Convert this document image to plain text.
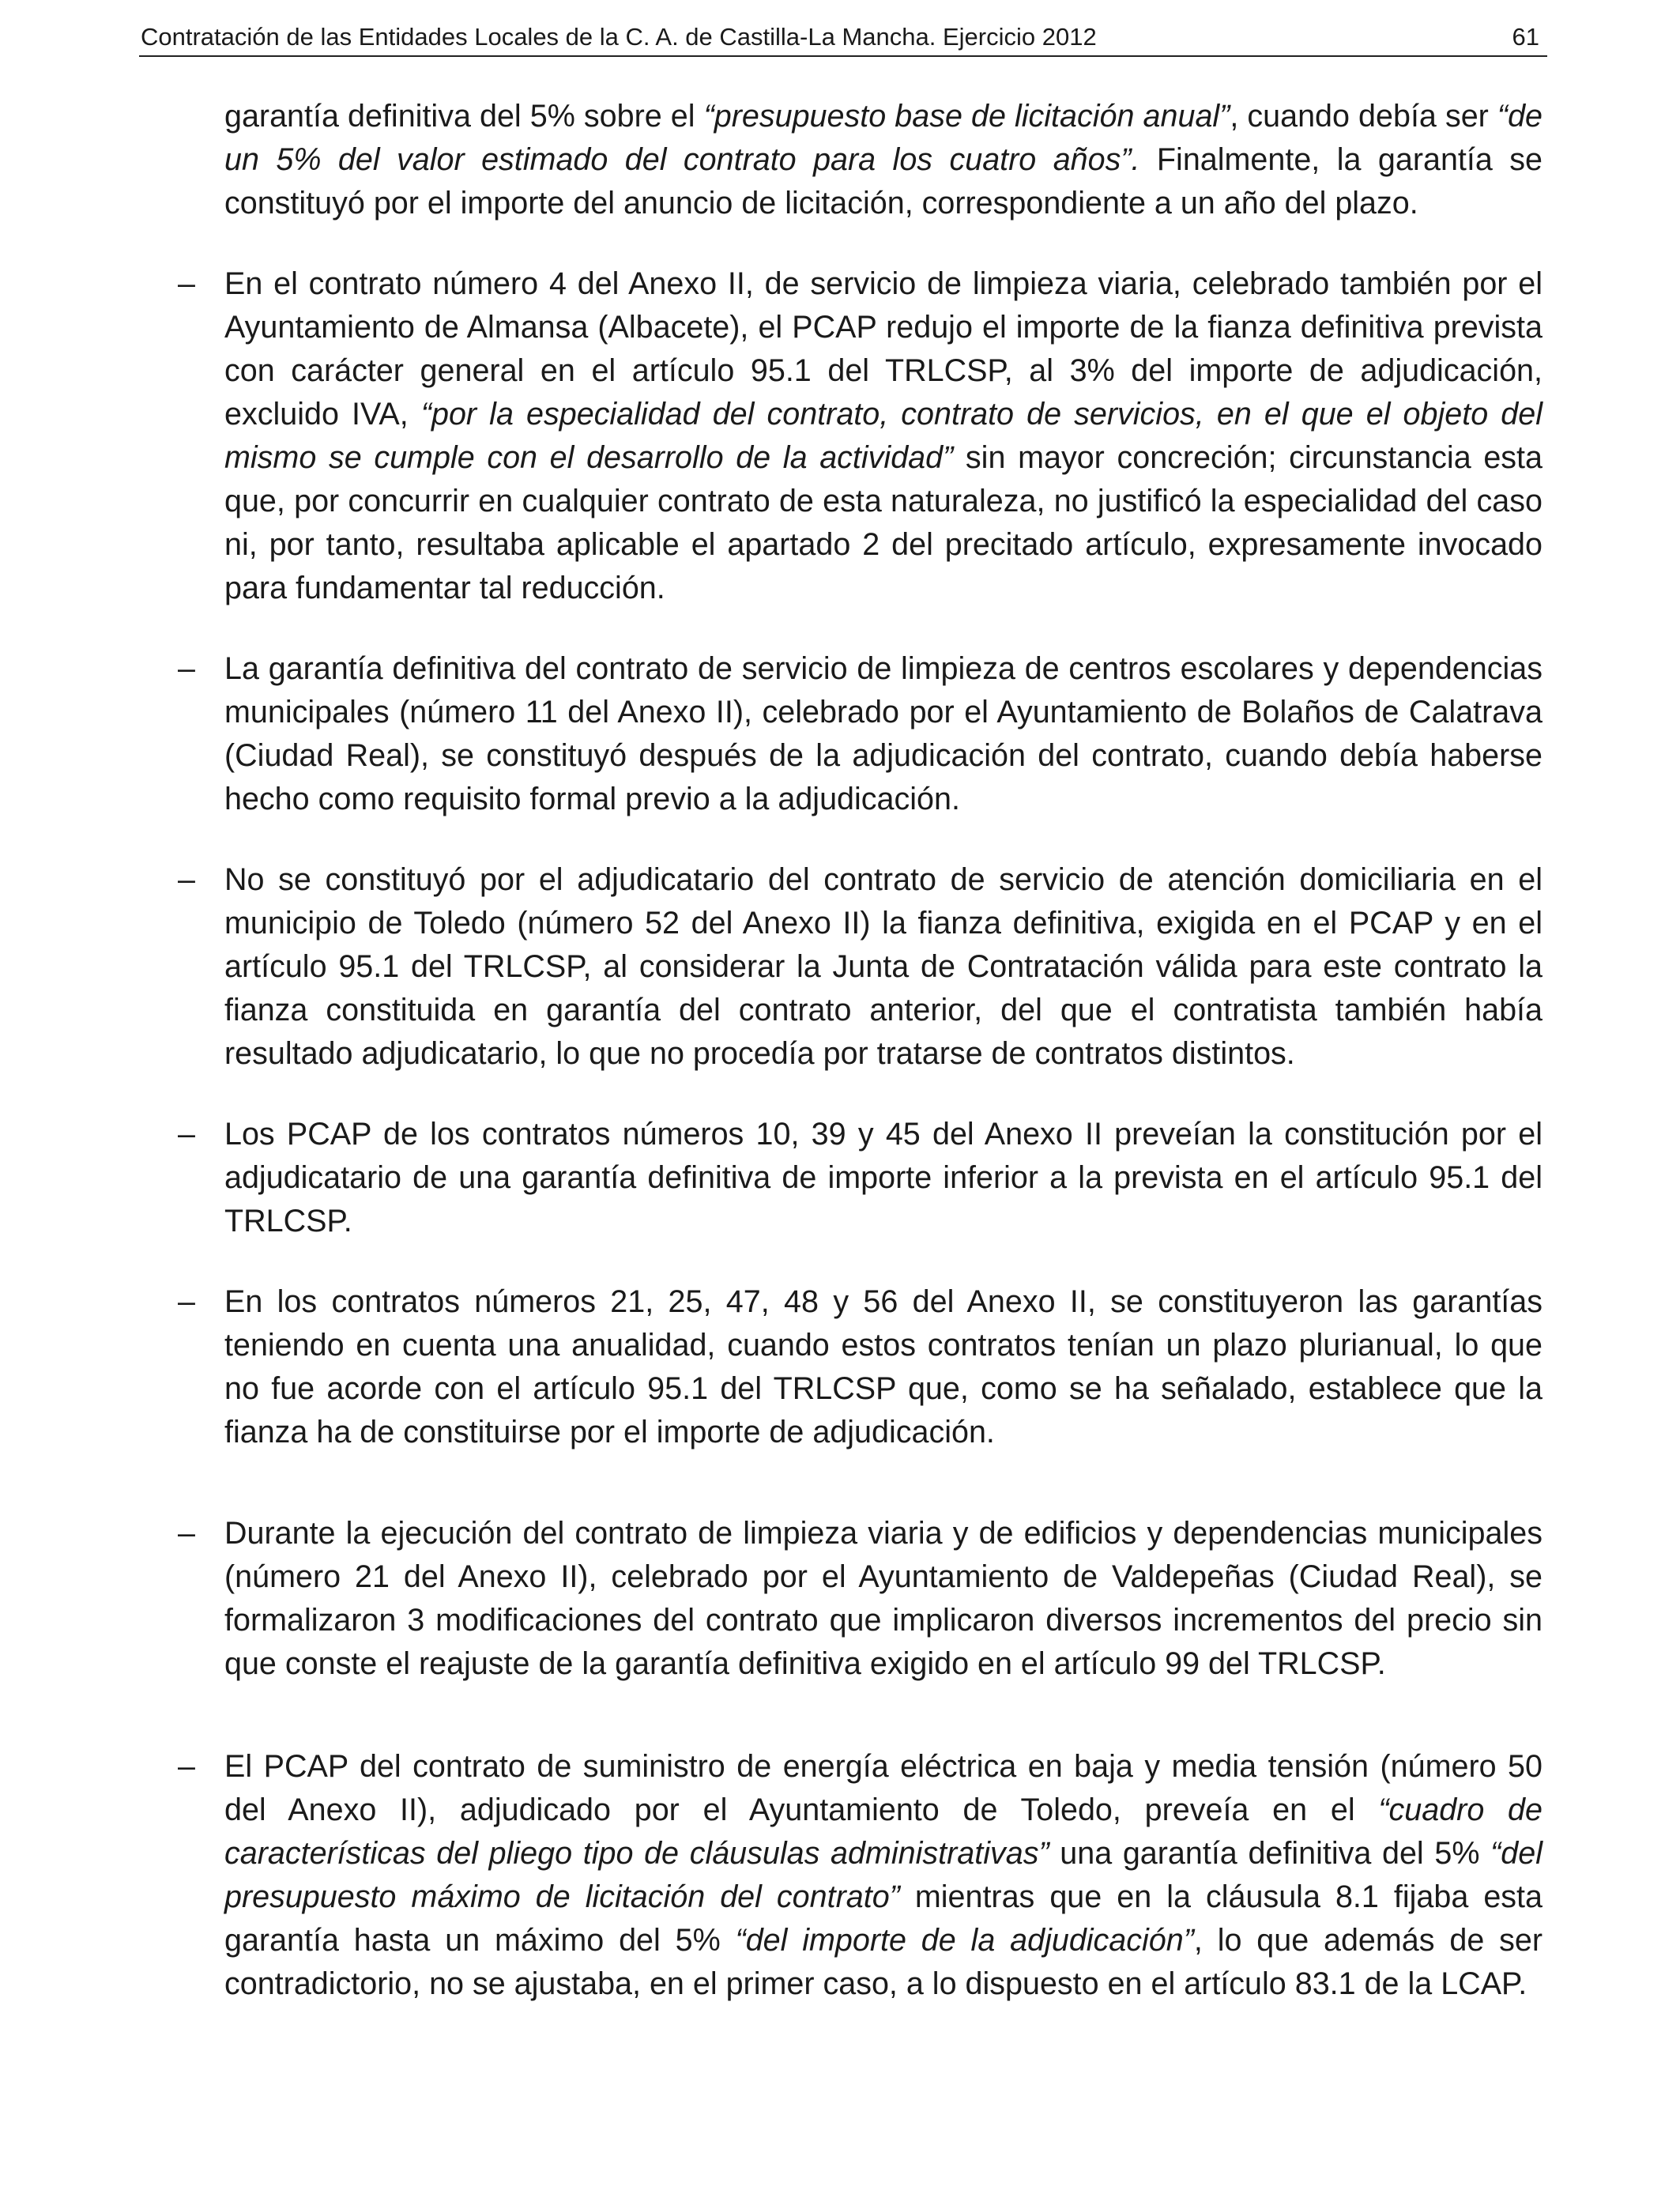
Contratación de las Entidades Locales de la C. A. de Castilla-La Mancha. Ejercicio 2012	61

garantía definitiva del 5% sobre el “presupuesto base de licitación anual”, cuando debía ser “de un 5% del valor estimado del contrato para los cuatro años”. Finalmente, la garantía se constituyó por el importe del anuncio de licitación, correspondiente a un año del plazo.

– En el contrato número 4 del Anexo II, de servicio de limpieza viaria, celebrado también por el Ayuntamiento de Almansa (Albacete), el PCAP redujo el importe de la fianza definitiva prevista con carácter general en el artículo 95.1 del TRLCSP, al 3% del importe de adjudicación, excluido IVA, “por la especialidad del contrato, contrato de servicios, en el que el objeto del mismo se cumple con el desarrollo de la actividad” sin mayor concreción; circunstancia esta que, por concurrir en cualquier contrato de esta naturaleza, no justificó la especialidad del caso ni, por tanto, resultaba aplicable el apartado 2 del precitado artículo, expresamente invocado para fundamentar tal reducción.

– La garantía definitiva del contrato de servicio de limpieza de centros escolares y dependencias municipales (número 11 del Anexo II), celebrado por el Ayuntamiento de Bolaños de Calatrava (Ciudad Real), se constituyó después de la adjudicación del contrato, cuando debía haberse hecho como requisito formal previo a la adjudicación.

– No se constituyó por el adjudicatario del contrato de servicio de atención domiciliaria en el municipio de Toledo (número 52 del Anexo II) la fianza definitiva, exigida en el PCAP y en el artículo 95.1 del TRLCSP, al considerar la Junta de Contratación válida para este contrato la fianza constituida en garantía del contrato anterior, del que el contratista también había resultado adjudicatario, lo que no procedía por tratarse de contratos distintos.

– Los PCAP de los contratos números 10, 39 y 45 del Anexo II preveían la constitución por el adjudicatario de una garantía definitiva de importe inferior a la prevista en el artículo 95.1 del TRLCSP.

– En los contratos números 21, 25, 47, 48 y 56 del Anexo II, se constituyeron las garantías teniendo en cuenta una anualidad, cuando estos contratos tenían un plazo plurianual, lo que no fue acorde con el artículo 95.1 del TRLCSP que, como se ha señalado, establece que la fianza ha de constituirse por el importe de adjudicación.

– Durante la ejecución del contrato de limpieza viaria y de edificios y dependencias municipales (número 21 del Anexo II), celebrado por el Ayuntamiento de Valdepeñas (Ciudad Real), se formalizaron 3 modificaciones del contrato que implicaron diversos incrementos del precio sin que conste el reajuste de la garantía definitiva exigido en el artículo 99 del TRLCSP.

– El PCAP del contrato de suministro de energía eléctrica en baja y media tensión (número 50 del Anexo II), adjudicado por el Ayuntamiento de Toledo, preveía en el “cuadro de características del pliego tipo de cláusulas administrativas” una garantía definitiva del 5% “del presupuesto máximo de licitación del contrato” mientras que en la cláusula 8.1 fijaba esta garantía hasta un máximo del 5% “del importe de la adjudicación”, lo que además de ser contradictorio, no se ajustaba, en el primer caso, a lo dispuesto en el artículo 83.1 de la LCAP.
